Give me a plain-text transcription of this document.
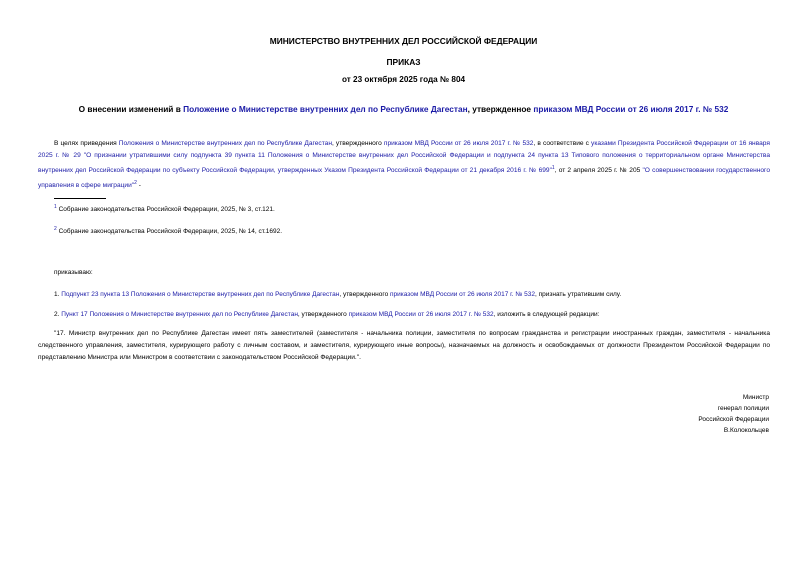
МИНИСТЕРСТВО ВНУТРЕННИХ ДЕЛ РОССИЙСКОЙ ФЕДЕРАЦИИ
ПРИКАЗ
от 23 октября 2025 года № 804
О внесении изменений в Положение о Министерстве внутренних дел по Республике Дагестан, утвержденное приказом МВД России от 26 июля 2017 г. № 532
В целях приведения Положения о Министерстве внутренних дел по Республике Дагестан, утвержденного приказом МВД России от 26 июля 2017 г. № 532, в соответствие с указами Президента Российской Федерации от 16 января 2025 г. № 29 "О признании утратившими силу подпункта 39 пункта 11 Положения о Министерстве внутренних дел Российской Федерации и подпункта 24 пункта 13 Типового положения о территориальном органе Министерства внутренних дел Российской Федерации по субъекту Российской Федерации, утвержденных Указом Президента Российской Федерации от 21 декабря 2016 г. № 699"$^1$, от 2 апреля 2025 г. № 205 "О совершенствовании государственного управления в сфере миграции"$^2$ -
$^1$ Собрание законодательства Российской Федерации, 2025, № 3, ст.121.
$^2$ Собрание законодательства Российской Федерации, 2025, № 14, ст.1692.
приказываю:
1. Подпункт 23 пункта 13 Положения о Министерстве внутренних дел по Республике Дагестан, утвержденного приказом МВД России от 26 июля 2017 г. № 532, признать утратившим силу.
2. Пункт 17 Положения о Министерстве внутренних дел по Республике Дагестан, утвержденного приказом МВД России от 26 июля 2017 г. № 532, изложить в следующей редакции:
"17. Министр внутренних дел по Республике Дагестан имеет пять заместителей (заместителя - начальника полиции, заместителя по вопросам гражданства и регистрации иностранных граждан, заместителя - начальника следственного управления, заместителя, курирующего работу с личным составом, и заместителя, курирующего иные вопросы), назначаемых на должность и освобождаемых от должности Президентом Российской Федерации по представлению Министра или Министром в соответствии с законодательством Российской Федерации.".
Министр
генерал полиции
Российской Федерации
В.Колокольцев
